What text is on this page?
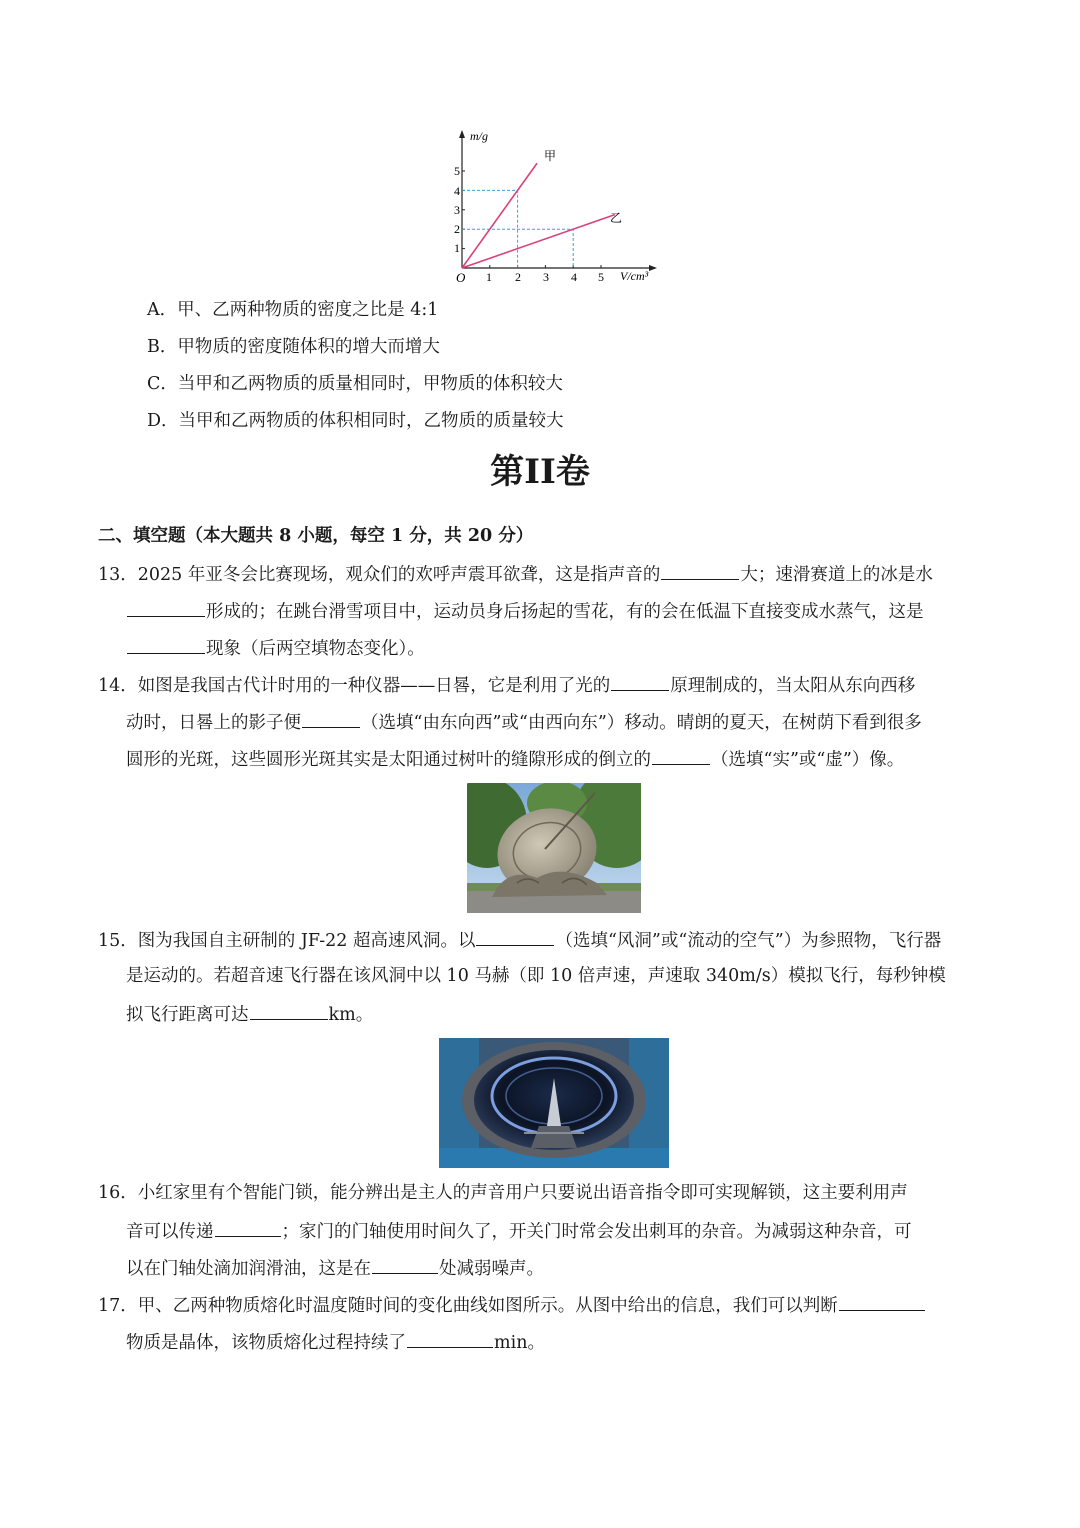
m/g
V/cm³
O
甲
乙
1 2 3 4 5
1
2
3
4
5
A．甲、乙两种物质的密度之比是 4:1
B．甲物质的密度随体积的增大而增大
C．当甲和乙两物质的质量相同时，甲物质的体积较大
D．当甲和乙两物质的体积相同时，乙物质的质量较大
第II卷
二、填空题（本大题共 8 小题，每空 1 分，共 20 分）
13．2025 年亚冬会比赛现场，观众们的欢呼声震耳欲聋，这是指声音的	大；速滑赛道上的冰是水
形成的；在跳台滑雪项目中，运动员身后扬起的雪花，有的会在低温下直接变成水蒸气，这是
现象（后两空填物态变化）。
14．如图是我国古代计时用的一种仪器——日晷，它是利用了光的	原理制成的，当太阳从东向西移
动时，日晷上的影子便	（选填“由东向西”或“由西向东”）移动。晴朗的夏天，在树荫下看到很多
圆形的光斑，这些圆形光斑其实是太阳通过树叶的缝隙形成的倒立的	（选填“实”或“虚”）像。
15．图为我国自主研制的 JF-22 超高速风洞。以	（选填“风洞”或“流动的空气”）为参照物，飞行器
是运动的。若超音速飞行器在该风洞中以 10 马赫（即 10 倍声速，声速取 340m/s）模拟飞行，每秒钟模
拟飞行距离可达	km。
16．小红家里有个智能门锁，能分辨出是主人的声音用户只要说出语音指令即可实现解锁，这主要利用声
音可以传递	；家门的门轴使用时间久了，开关门时常会发出刺耳的杂音。为减弱这种杂音，可
以在门轴处滴加润滑油，这是在	处减弱噪声。
17．甲、乙两种物质熔化时温度随时间的变化曲线如图所示。从图中给出的信息，我们可以判断
物质是晶体，该物质熔化过程持续了	min。
